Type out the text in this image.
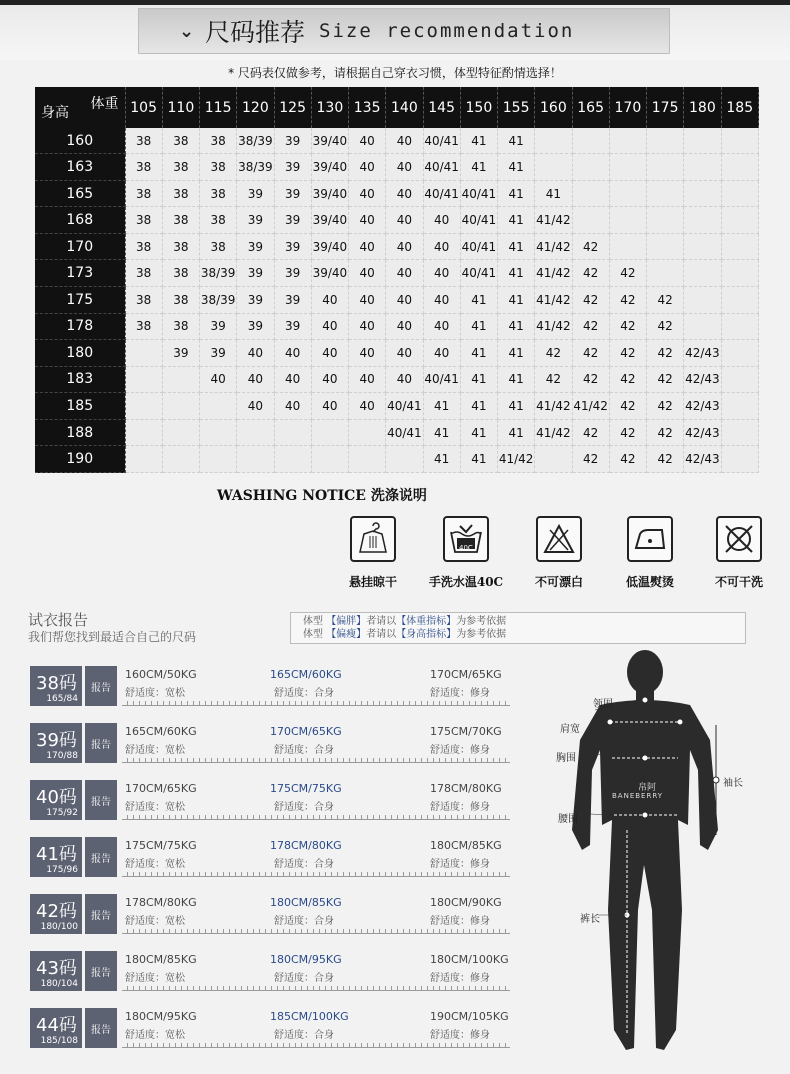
⌄ 尺码推荐 Size recommendation
* 尺码表仅做参考，请根据自己穿衣习惯，体型特征酌情选择！
体重
身高	105	110	115	120	125	130	135	140	145	150	155	160	165	170	175	180	185
160	38	38	38	38/39	39	39/40	40	40	40/41	41	41						
163	38	38	38	38/39	39	39/40	40	40	40/41	41	41						
165	38	38	38	39	39	39/40	40	40	40/41	40/41	41	41					
168	38	38	38	39	39	39/40	40	40	40	40/41	41	41/42					
170	38	38	38	39	39	39/40	40	40	40	40/41	41	41/42	42				
173	38	38	38/39	39	39	39/40	40	40	40	40/41	41	41/42	42	42			
175	38	38	38/39	39	39	40	40	40	40	41	41	41/42	42	42	42		
178	38	38	39	39	39	40	40	40	40	41	41	41/42	42	42	42		
180		39	39	40	40	40	40	40	40	41	41	42	42	42	42	42/43	
183			40	40	40	40	40	40	40/41	41	41	42	42	42	42	42/43	
185				40	40	40	40	40/41	41	41	41	41/42	41/42	42	42	42/43	
188								40/41	41	41	41	41/42	42	42	42	42/43	
190									41	41	41/42		42	42	42	42/43	
WASHING NOTICE 洗涤说明
悬挂晾干
40C
手洗水温40C	不可漂白	低温熨烫	不可干洗
试衣报告
我们帮您找到最适合自己的尺码
体型 【偏胖】者请以【体重指标】为参考依据
体型 【偏瘦】者请以【身高指标】为参考依据
38码
165/84
报告
160CM/50KG
舒适度：宽松
165CM/60KG
舒适度：合身
170CM/65KG
舒适度：修身
39码
170/88
报告
165CM/60KG
舒适度：宽松
170CM/65KG
舒适度：合身
175CM/70KG
舒适度：修身
40码
175/92
报告
170CM/65KG
舒适度：宽松
175CM/75KG
舒适度：合身
178CM/80KG
舒适度：修身
41码
175/96
报告
175CM/75KG
舒适度：宽松
178CM/80KG
舒适度：合身
180CM/85KG
舒适度：修身
42码
180/100
报告
178CM/80KG
舒适度：宽松
180CM/85KG
舒适度：合身
180CM/90KG
舒适度：修身
43码
180/104
报告
180CM/85KG
舒适度：宽松
180CM/95KG
舒适度：合身
180CM/100KG
舒适度：修身
44码
185/108
报告
180CM/95KG
舒适度：宽松
185CM/100KG
舒适度：合身
190CM/105KG
舒适度：修身
领围
肩宽
胸围
袖长
腰围
裤长
帛阿
BANEBERRY
